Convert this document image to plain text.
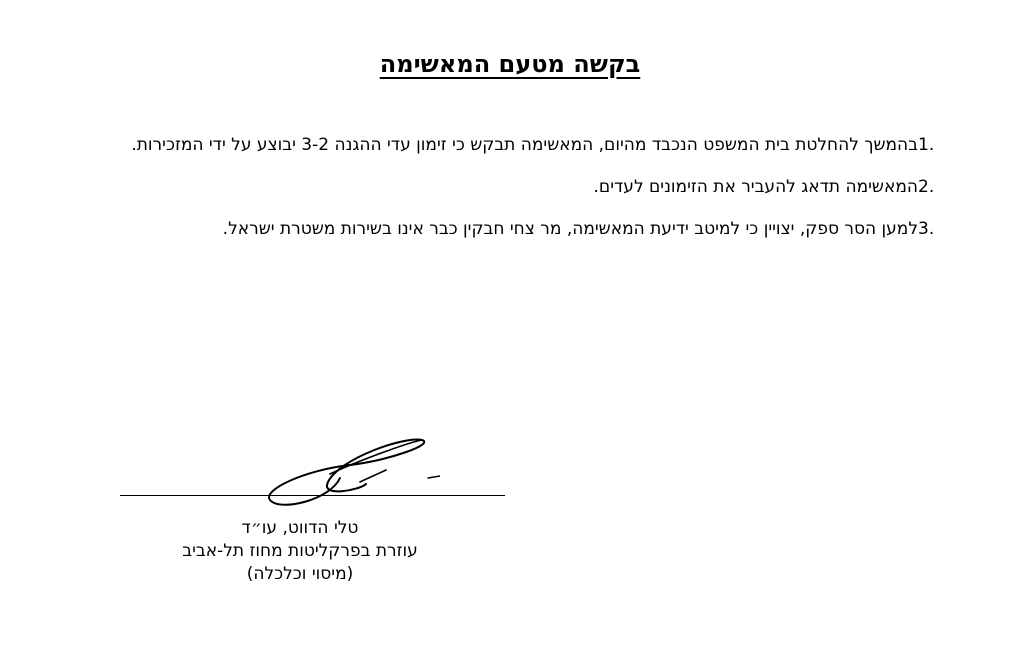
בקשה מטעם המאשימה
1.
בהמשך להחלטת בית המשפט הנכבד מהיום, המאשימה תבקש כי זימון עדי ההגנה 3-2 יבוצע על ידי המזכירות.
2.
המאשימה תדאג להעביר את הזימונים לעדים.
3.
למען הסר ספק, יצויין כי למיטב ידיעת המאשימה, מר צחי חבקין כבר אינו בשירות משטרת ישראל.
טלי הדווט, עו״ד
עוזרת בפרקליטות מחוז תל-אביב
(מיסוי וכלכלה)
